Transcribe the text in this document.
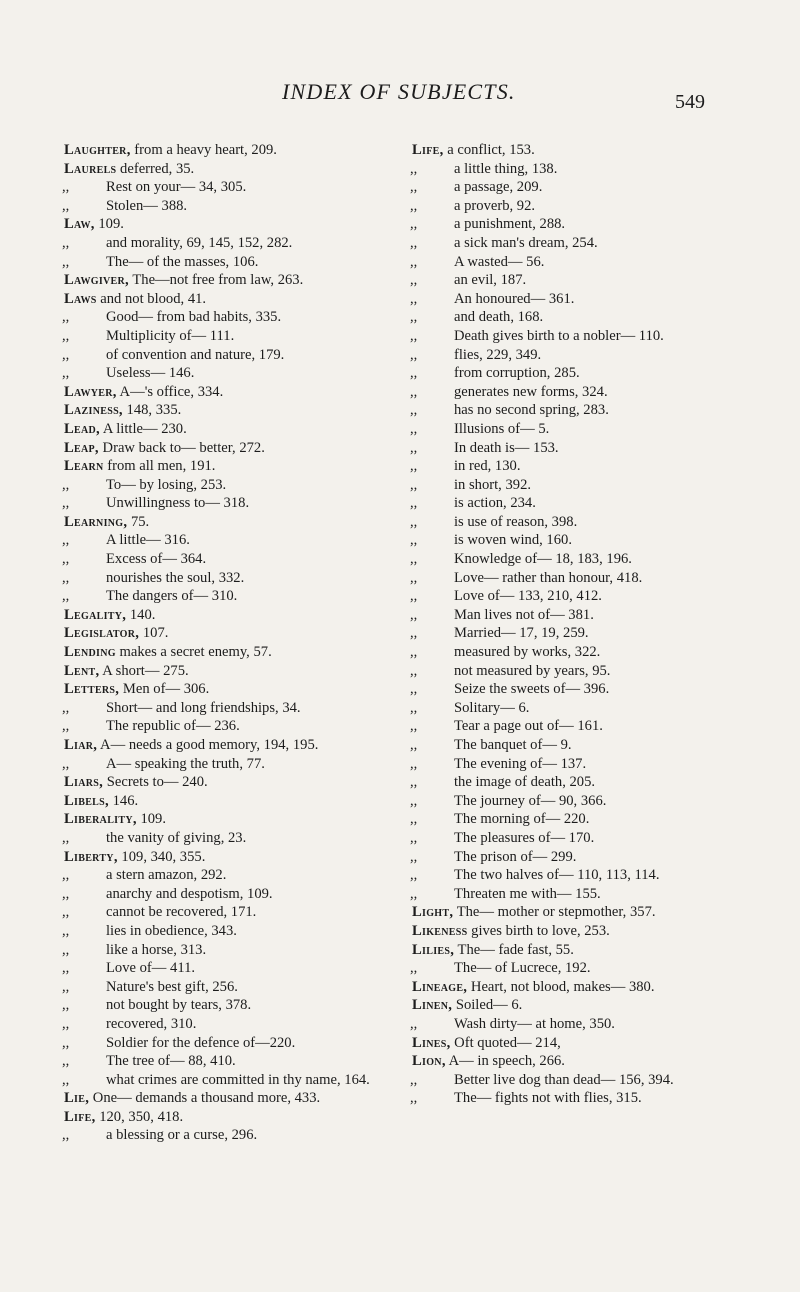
INDEX OF SUBJECTS.	549

Laughter, from a heavy heart, 209.

Laurels deferred, 35.

,,	Rest on your— 34, 305.

,,	Stolen— 388.

Law, 109.

,,	and morality, 69, 145, 152, 282.

,,	The— of the masses, 106.

Lawgiver, The—not free from law, 263.

Laws and not blood, 41.

,,	Good— from bad habits, 335.

,,	Multiplicity of— 111.

,,	of convention and nature, 179.

,,	Useless— 146.

Lawyer, A—'s office, 334.

Laziness, 148, 335.

Lead, A little— 230.

Leap, Draw back to— better, 272.

Learn from all men, 191.

,,	To— by losing, 253.

,,	Unwillingness to— 318.

Learning, 75.

,,	A little— 316.

,,	Excess of— 364.

,,	nourishes the soul, 332.

,,	The dangers of— 310.

Legality, 140.

Legislator, 107.

Lending makes a secret enemy, 57.

Lent, A short— 275.

Letters, Men of— 306.

,,	Short— and long friendships, 34.

,,	The republic of— 236.

Liar, A— needs a good memory, 194, 195.

,,	A— speaking the truth, 77.

Liars, Secrets to— 240.

Libels, 146.

Liberality, 109.

,,	the vanity of giving, 23.

Liberty, 109, 340, 355.

,,	a stern amazon, 292.

,,	anarchy and despotism, 109.

,,	cannot be recovered, 171.

,,	lies in obedience, 343.

,,	like a horse, 313.

,,	Love of— 411.

,,	Nature's best gift, 256.

,,	not bought by tears, 378.

,,	recovered, 310.

,,	Soldier for the defence of—220.

,,	The tree of— 88, 410.

,,	what crimes are committed in thy name, 164.

Lie, One— demands a thousand more, 433.

Life, 120, 350, 418.

,,	a blessing or a curse, 296.

Life, a conflict, 153.

,,	a little thing, 138.

,,	a passage, 209.

,,	a proverb, 92.

,,	a punishment, 288.

,,	a sick man's dream, 254.

,,	A wasted— 56.

,,	an evil, 187.

,,	An honoured— 361.

,,	and death, 168.

,,	Death gives birth to a nobler— 110.

,,	flies, 229, 349.

,,	from corruption, 285.

,,	generates new forms, 324.

,,	has no second spring, 283.

,,	Illusions of— 5.

,,	In death is— 153.

,,	in red, 130.

,,	in short, 392.

,,	is action, 234.

,,	is use of reason, 398.

,,	is woven wind, 160.

,,	Knowledge of— 18, 183, 196.

,,	Love— rather than honour, 418.

,,	Love of— 133, 210, 412.

,,	Man lives not of— 381.

,,	Married— 17, 19, 259.

,,	measured by works, 322.

,,	not measured by years, 95.

,,	Seize the sweets of— 396.

,,	Solitary— 6.

,,	Tear a page out of— 161.

,,	The banquet of— 9.

,,	The evening of— 137.

,,	the image of death, 205.

,,	The journey of— 90, 366.

,,	The morning of— 220.

,,	The pleasures of— 170.

,,	The prison of— 299.

,,	The two halves of— 110, 113, 114.

,,	Threaten me with— 155.

Light, The— mother or stepmother, 357.

Likeness gives birth to love, 253.

Lilies, The— fade fast, 55.

,,	The— of Lucrece, 192.

Lineage, Heart, not blood, makes— 380.

Linen, Soiled— 6.

,,	Wash dirty— at home, 350.

Lines, Oft quoted— 214,

Lion, A— in speech, 266.

,,	Better live dog than dead— 156, 394.

,,	The— fights not with flies, 315.
